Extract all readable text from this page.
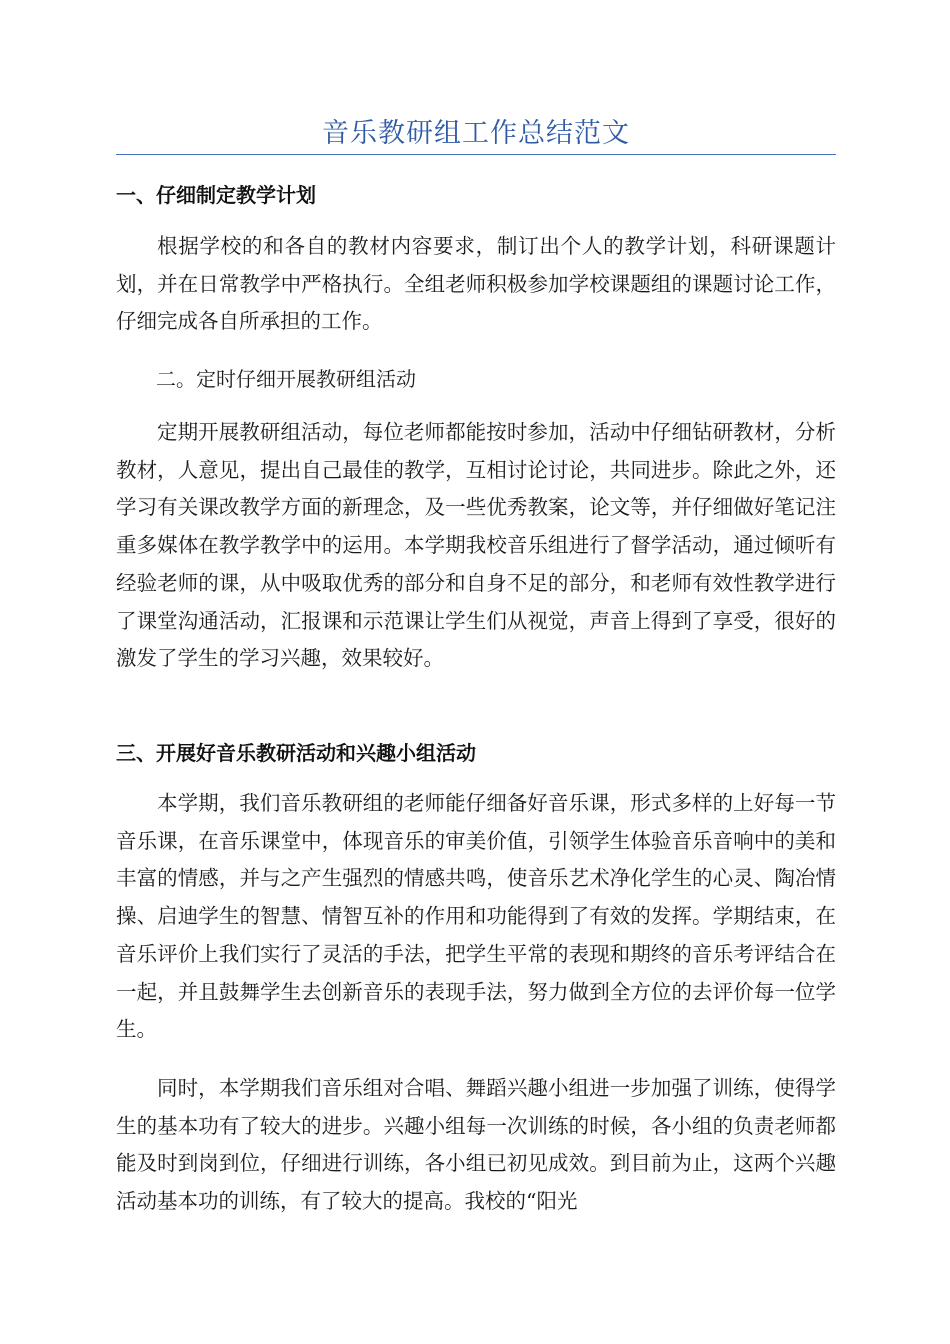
音乐教研组工作总结范文
一、仔细制定教学计划
根据学校的和各自的教材内容要求，制订出个人的教学计划，科研课题计划，并在日常教学中严格执行。全组老师积极参加学校课题组的课题讨论工作，仔细完成各自所承担的工作。
二。定时仔细开展教研组活动
定期开展教研组活动，每位老师都能按时参加，活动中仔细钻研教材，分析教材，人意见，提出自己最佳的教学，互相讨论讨论，共同进步。除此之外，还学习有关课改教学方面的新理念，及一些优秀教案，论文等，并仔细做好笔记注重多媒体在教学教学中的运用。本学期我校音乐组进行了督学活动，通过倾听有经验老师的课，从中吸取优秀的部分和自身不足的部分，和老师有效性教学进行了课堂沟通活动，汇报课和示范课让学生们从视觉，声音上得到了享受，很好的激发了学生的学习兴趣，效果较好。
三、开展好音乐教研活动和兴趣小组活动
本学期，我们音乐教研组的老师能仔细备好音乐课，形式多样的上好每一节音乐课，在音乐课堂中，体现音乐的审美价值，引领学生体验音乐音响中的美和丰富的情感，并与之产生强烈的情感共鸣，使音乐艺术净化学生的心灵、陶冶情操、启迪学生的智慧、情智互补的作用和功能得到了有效的发挥。学期结束，在音乐评价上我们实行了灵活的手法，把学生平常的表现和期终的音乐考评结合在一起，并且鼓舞学生去创新音乐的表现手法，努力做到全方位的去评价每一位学生。
同时，本学期我们音乐组对合唱、舞蹈兴趣小组进一步加强了训练，使得学生的基本功有了较大的进步。兴趣小组每一次训练的时候，各小组的负责老师都能及时到岗到位，仔细进行训练，各小组已初见成效。到目前为止，这两个兴趣活动基本功的训练，有了较大的提高。我校的“阳光
